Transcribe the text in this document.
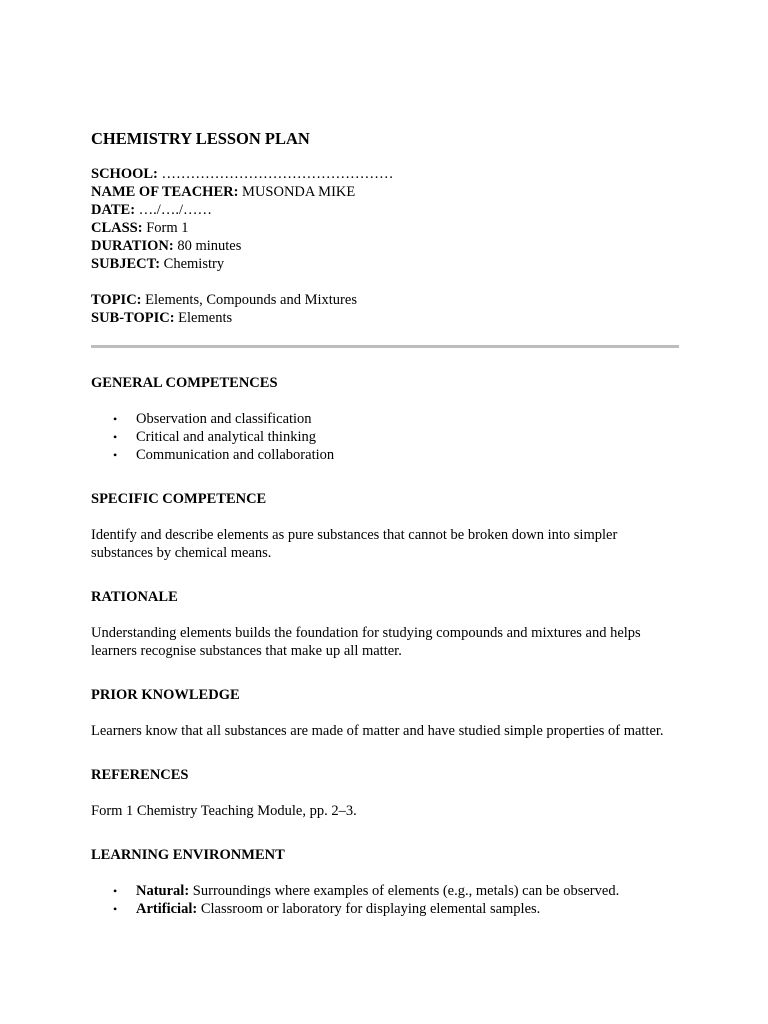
CHEMISTRY LESSON PLAN
SCHOOL: …………………………………………
NAME OF TEACHER: MUSONDA MIKE
DATE: …./…./……
CLASS: Form 1
DURATION: 80 minutes
SUBJECT: Chemistry
TOPIC: Elements, Compounds and Mixtures
SUB-TOPIC: Elements
GENERAL COMPETENCES
• Observation and classification
• Critical and analytical thinking
• Communication and collaboration
SPECIFIC COMPETENCE

Identify and describe elements as pure substances that cannot be broken down into simpler substances by chemical means.

RATIONALE

Understanding elements builds the foundation for studying compounds and mixtures and helps learners recognise substances that make up all matter.

PRIOR KNOWLEDGE

Learners know that all substances are made of matter and have studied simple properties of matter.

REFERENCES

Form 1 Chemistry Teaching Module, pp. 2–3.

LEARNING ENVIRONMENT
• Natural: Surroundings where examples of elements (e.g., metals) can be observed.
• Artificial: Classroom or laboratory for displaying elemental samples.
